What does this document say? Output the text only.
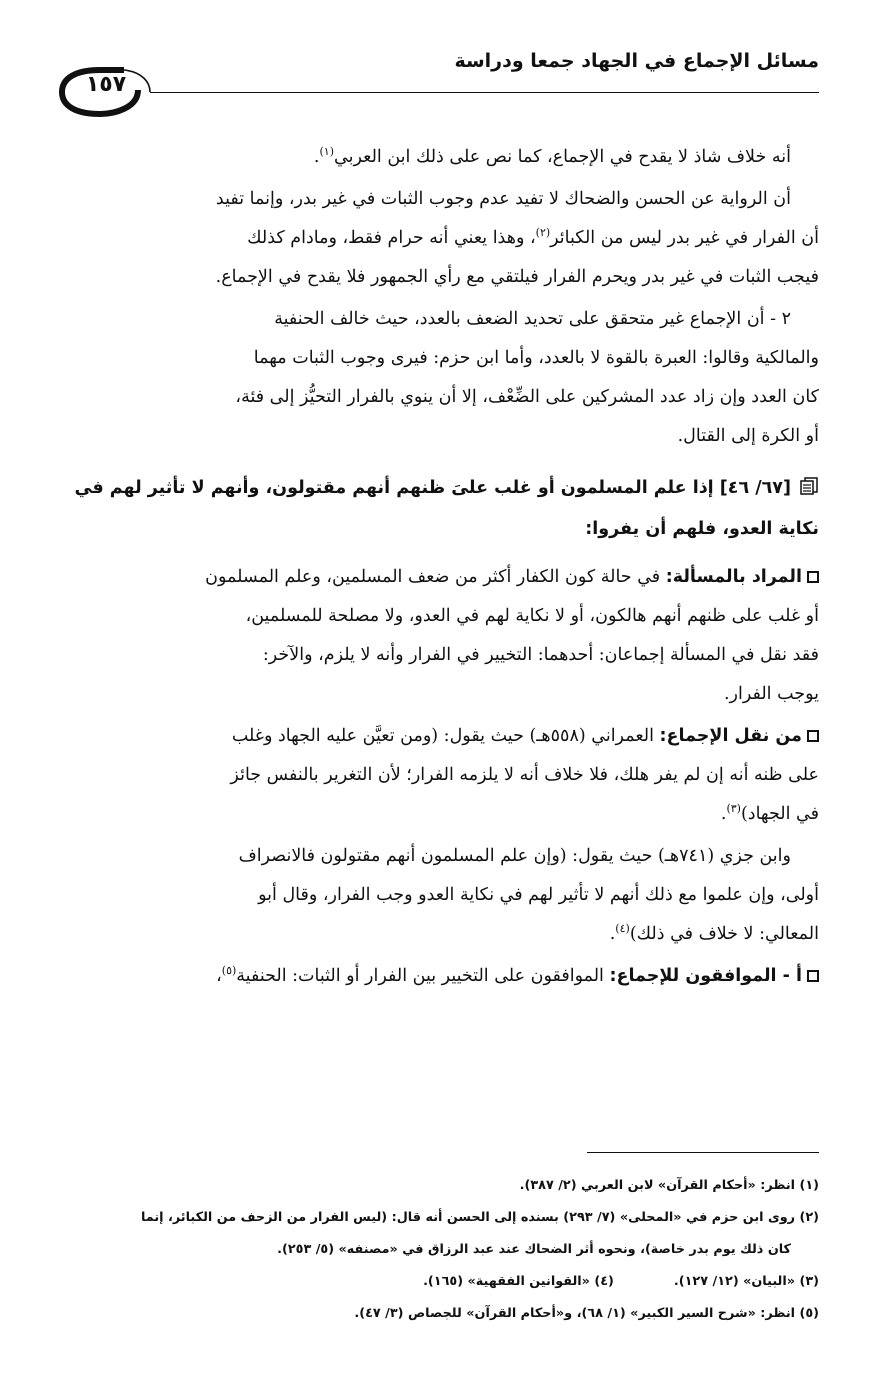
مسائل الإجماع في الجهاد جمعا ودراسة
١٥٧

أنه خلاف شاذ لا يقدح في الإجماع، كما نص على ذلك ابن العربي$^{(١)}$.

أن الرواية عن الحسن والضحاك لا تفيد عدم وجوب الثبات في غير بدر، وإنما تفيد
أن الفرار في غير بدر ليس من الكبائر$^{(٢)}$، وهذا يعني أنه حرام فقط، ومادام كذلك
فيجب الثبات في غير بدر ويحرم الفرار فيلتقي مع رأي الجمهور فلا يقدح في الإجماع.

٢ - أن الإجماع غير متحقق على تحديد الضعف بالعدد، حيث خالف الحنفية
والمالكية وقالوا: العبرة بالقوة لا بالعدد، وأما ابن حزم: فيرى وجوب الثبات مهما
كان العدد وإن زاد عدد المشركين على الضِّعْف، إلا أن ينوي بالفرار التحيُّز إلى فئة،
أو الكرة إلى القتال.

[٦٧/ ٤٦] إذا علم المسلمون أو غلب علىَ ظنهم أنهم مقتولون، وأنهم لا تأثير لهم في
نكاية العدو، فلهم أن يفروا:

المراد بالمسألة: في حالة كون الكفار أكثر من ضعف المسلمين، وعلم المسلمون
أو غلب على ظنهم أنهم هالكون، أو لا نكاية لهم في العدو، ولا مصلحة للمسلمين،
فقد نقل في المسألة إجماعان: أحدهما: التخيير في الفرار وأنه لا يلزم، والآخر:
يوجب الفرار.

من نقل الإجماع: العمراني (٥٥٨هـ) حيث يقول: (ومن تعيَّن عليه الجهاد وغلب
على ظنه أنه إن لم يفر هلك، فلا خلاف أنه لا يلزمه الفرار؛ لأن التغرير بالنفس جائز
في الجهاد)$^{(٣)}$.

وابن جزي (٧٤١هـ) حيث يقول: (وإن علم المسلمون أنهم مقتولون فالانصراف
أولى، وإن علموا مع ذلك أنهم لا تأثير لهم في نكاية العدو وجب الفرار، وقال أبو
المعالي: لا خلاف في ذلك)$^{(٤)}$.

أ - الموافقون للإجماع: الموافقون على التخيير بين الفرار أو الثبات: الحنفية$^{(٥)}$،

(١) انظر: «أحكام القرآن» لابن العربي (٢/ ٣٨٧).
(٢) روى ابن حزم في «المحلى» (٧/ ٢٩٣) بسنده إلى الحسن أنه قال: (ليس الفرار من الزحف من الكبائر، إنما
كان ذلك يوم بدر خاصة)، ونحوه أثر الضحاك عند عبد الرزاق في «مصنفه» (٥/ ٢٥٣).
(٣) «البيان» (١٢/ ١٢٧).(٤) «القوانين الفقهية» (١٦٥).
(٥) انظر: «شرح السير الكبير» (١/ ٦٨)، و«أحكام القرآن» للجصاص (٣/ ٤٧).
